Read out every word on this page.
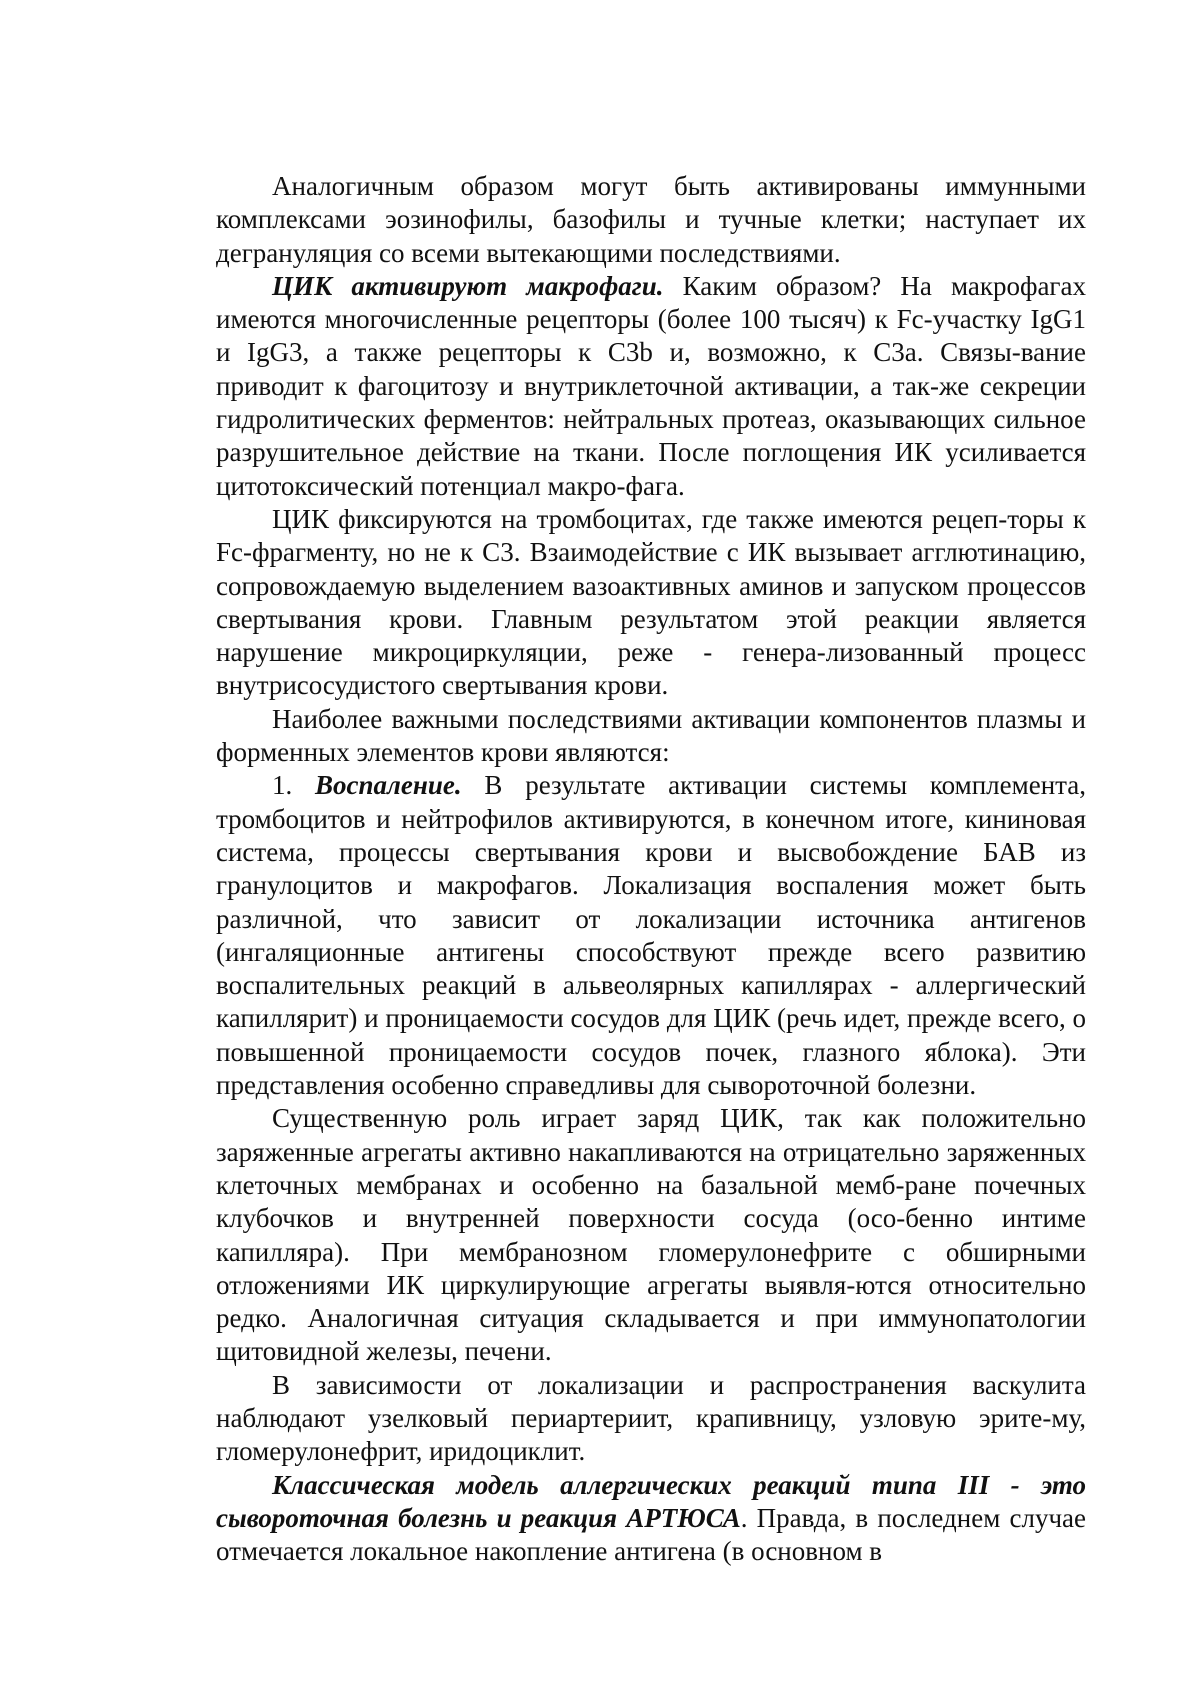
Аналогичным образом могут быть активированы иммунными комплексами эозинофилы, базофилы и тучные клетки; наступает их дегрануляция со всеми вытекающими последствиями.

ЦИК активируют макрофаги. Каким образом? На макрофагах имеются многочисленные рецепторы (более 100 тысяч) к Fc-участку IgG1 и IgG3, а также рецепторы к C3b и, возможно, к C3a. Связы-вание приводит к фагоцитозу и внутриклеточной активации, а так-же секреции гидролитических ферментов: нейтральных протеаз, оказывающих сильное разрушительное действие на ткани. После поглощения ИК усиливается цитотоксический потенциал макро-фага.

ЦИК фиксируются на тромбоцитах, где также имеются рецеп-торы к Fc-фрагменту, но не к C3. Взаимодействие с ИК вызывает агглютинацию, сопровождаемую выделением вазоактивных аминов и запуском процессов свертывания крови. Главным результатом этой реакции является нарушение микроциркуляции, реже - генера-лизованный процесс внутрисосудистого свертывания крови.

Наиболее важными последствиями активации компонентов плазмы и форменных элементов крови являются:

1. Воспаление. В результате активации системы комплемента, тромбоцитов и нейтрофилов активируются, в конечном итоге, кининовая система, процессы свертывания крови и высвобождение БАВ из гранулоцитов и макрофагов. Локализация воспаления может быть различной, что зависит от локализации источника антигенов (ингаляционные антигены способствуют прежде всего развитию воспалительных реакций в альвеолярных капиллярах - аллергический капиллярит) и проницаемости сосудов для ЦИК (речь идет, прежде всего, о повышенной проницаемости сосудов почек, глазного яблока). Эти представления особенно справедливы для сывороточной болезни.

Существенную роль играет заряд ЦИК, так как положительно заряженные агрегаты активно накапливаются на отрицательно заряженных клеточных мембранах и особенно на базальной мемб-ране почечных клубочков и внутренней поверхности сосуда (осо-бенно интиме капилляра). При мембранозном гломерулонефрите с обширными отложениями ИК циркулирующие агрегаты выявля-ются относительно редко. Аналогичная ситуация складывается и при иммунопатологии щитовидной железы, печени.

В зависимости от локализации и распространения васкулита наблюдают узелковый периартериит, крапивницу, узловую эрите-му, гломерулонефрит, иридоциклит.

Классическая модель аллергических реакций типа III - это сывороточная болезнь и реакция АРТЮСА. Правда, в последнем случае отмечается локальное накопление антигена (в основном в
